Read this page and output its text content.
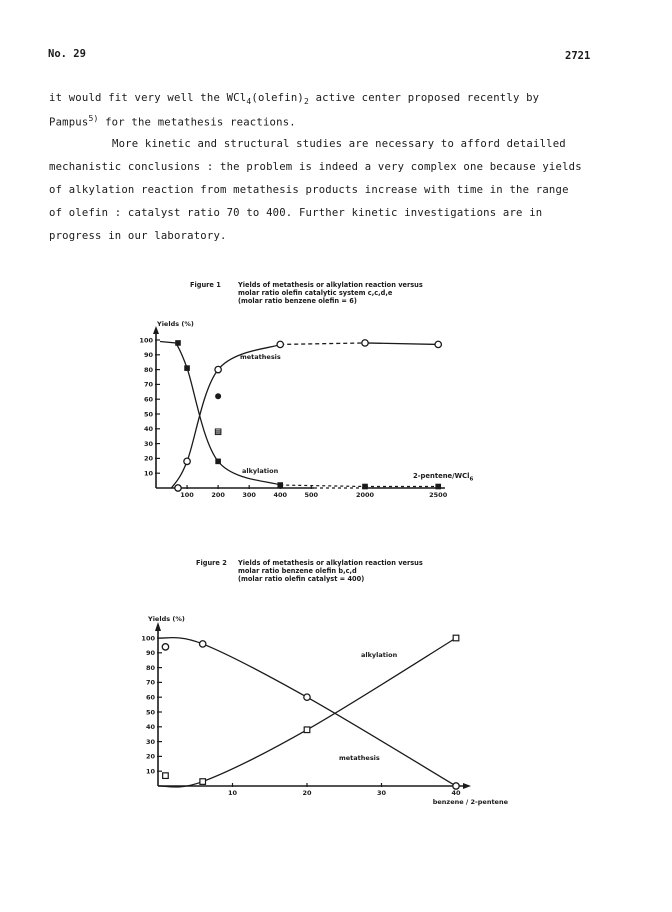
No. 29	2721
it would fit very well the $WCl_4(olefin)_2$ active center proposed recently by
Pampus$^{5)}$ for the metathesis reactions.
More kinetic and structural studies are necessary to afford detailled
mechanistic conclusions : the problem is indeed a very complex one because yields
of alkylation reaction from metathesis products increase with time in the range
of olefin : catalyst ratio 70 to 400. Further kinetic investigations are in
progress in our laboratory.
Figure 1	Yields of metathesis or alkylation reaction versus
molar ratio olefin catalytic system c,c,d,e
(molar ratio benzene olefin = 6)
10
20
30
40
50
60
70
80
90
100
100	200	300	400	500	2000	2500
Yields (%)
2-pentene/WCl$_6$
metathesis
alkylation
Figure 2 Yields of metathesis or alkylation reaction versus
molar ratio benzene olefin b,c,d
(molar ratio olefin catalyst = 400)
10
20
30
40
50
60
70
80
90
100
10	20	30	40
Yields (%)
benzene / 2-pentene
alkylation
metathesis
